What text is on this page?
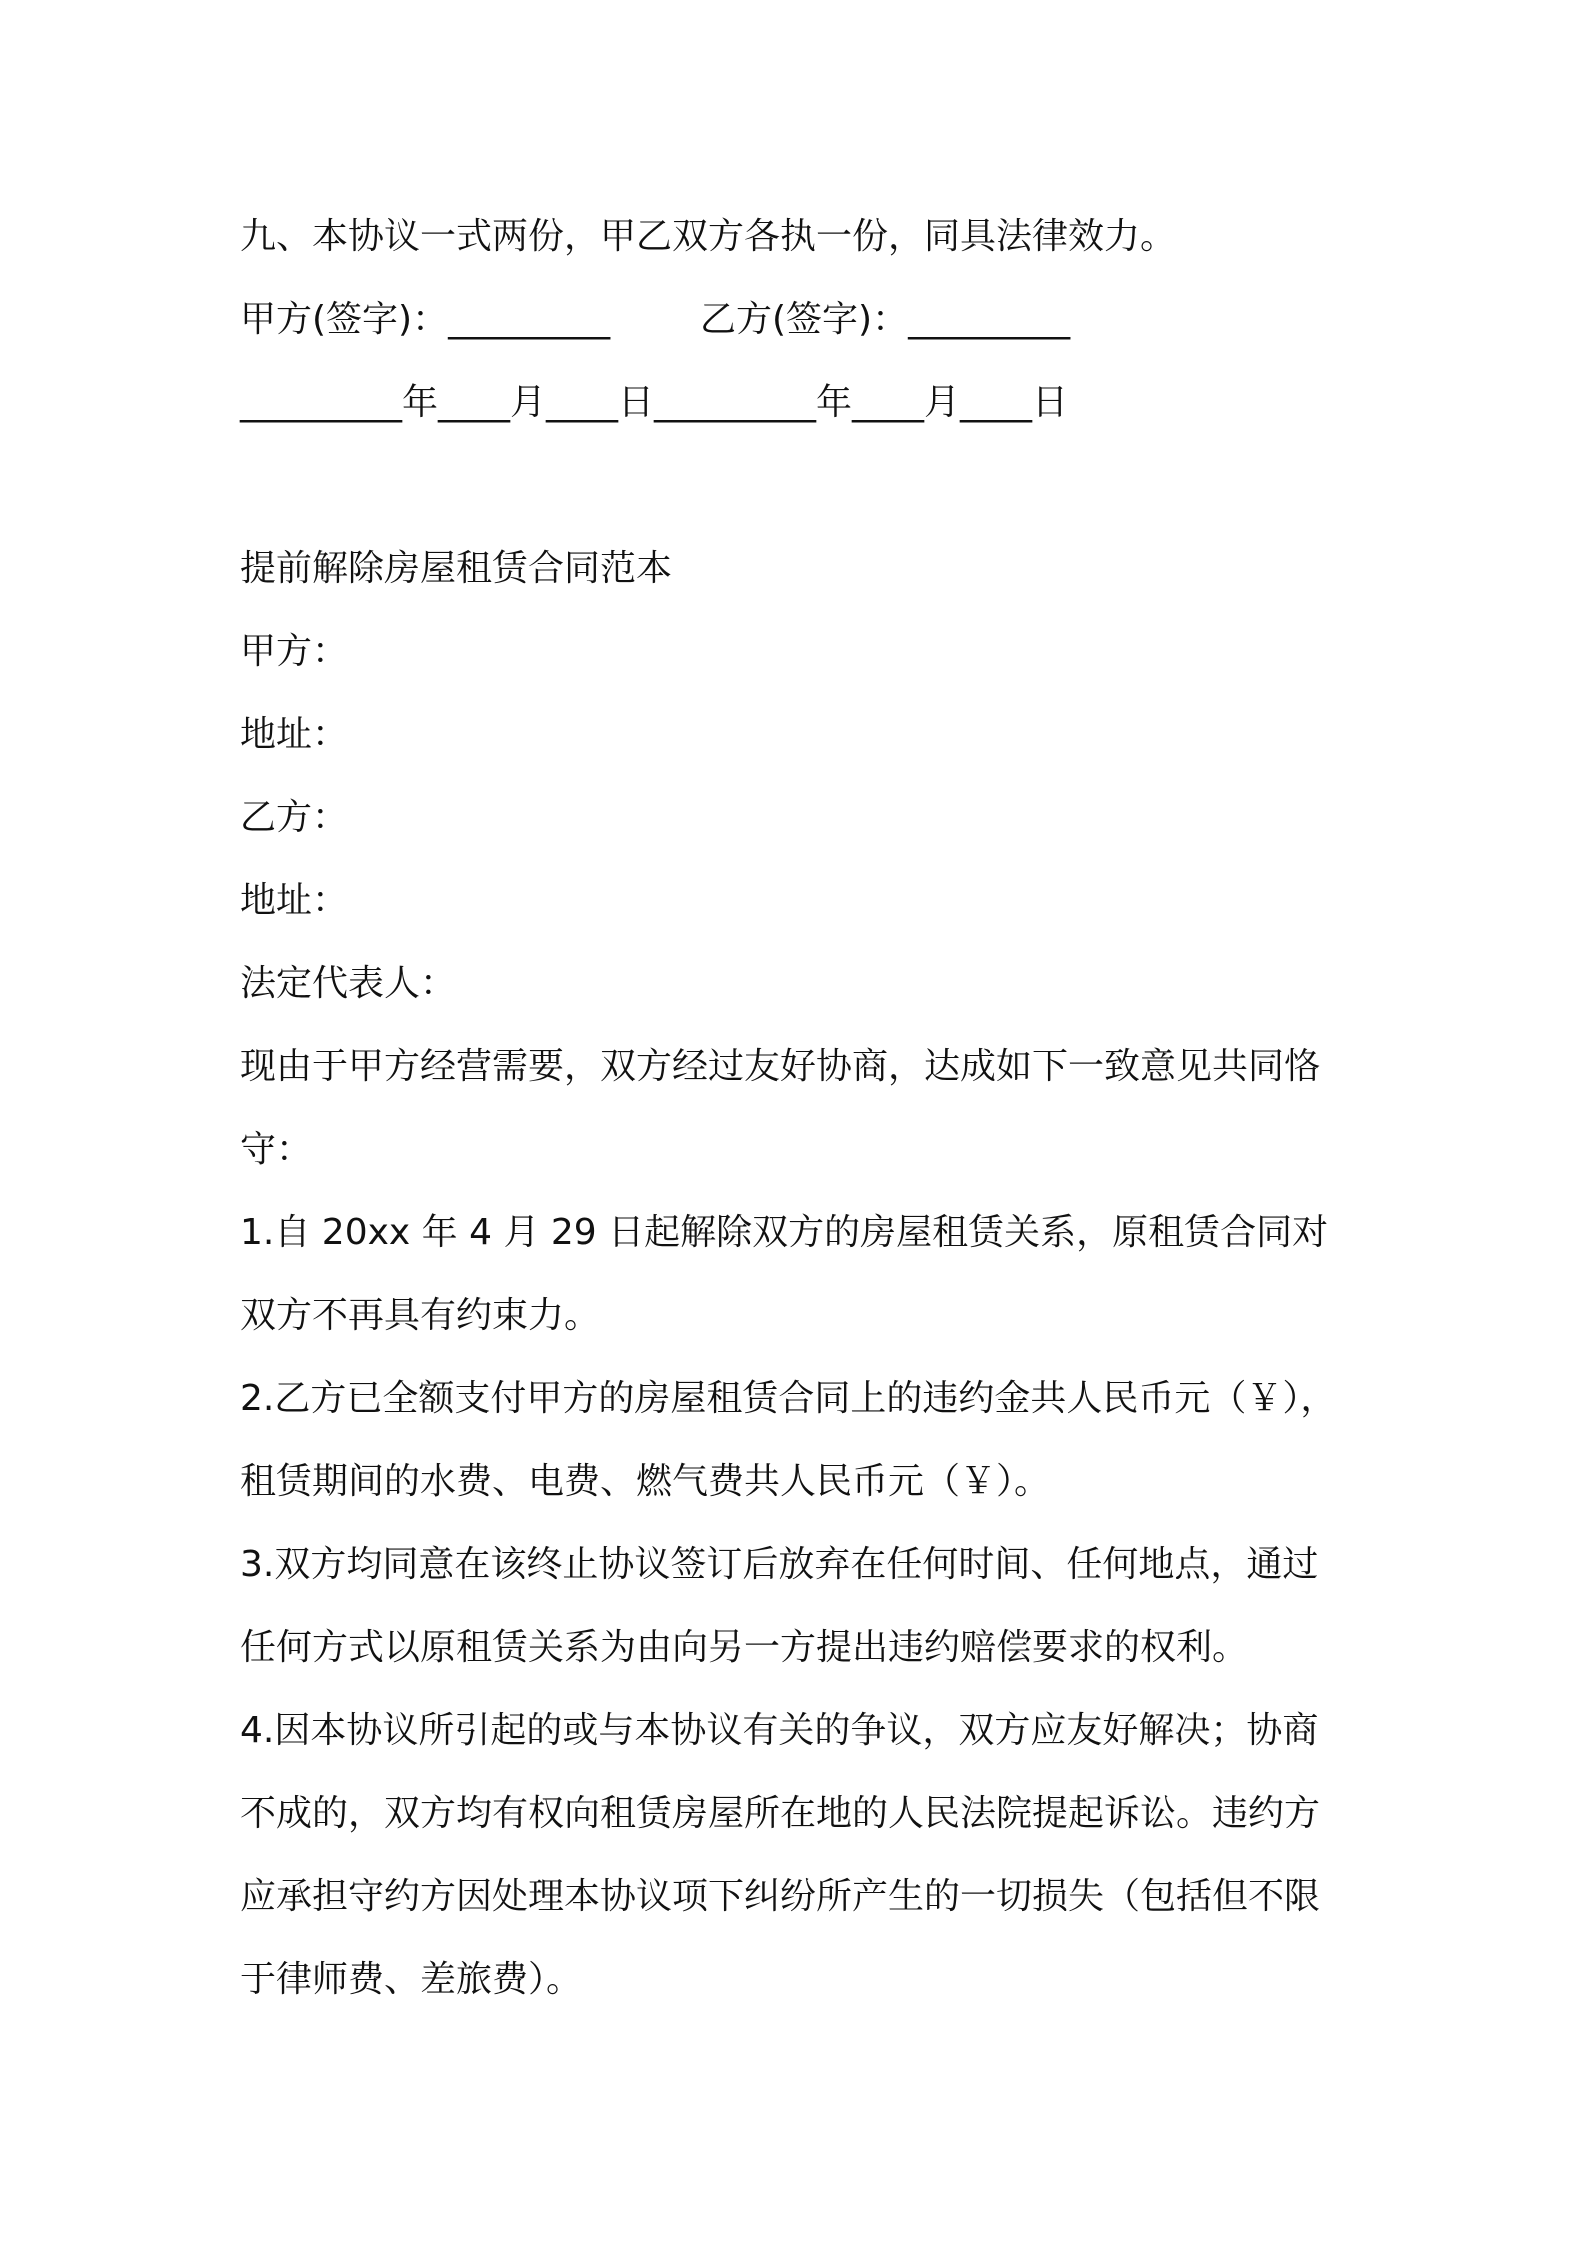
九、本协议一式两份，甲乙双方各执一份，同具法律效力。

甲方(签字)：_________ 乙方(签字)：_________

_________年____月____日_________年____月____日

提前解除房屋租赁合同范本

甲方：

地址：

乙方：

地址：

法定代表人：

现由于甲方经营需要，双方经过友好协商，达成如下一致意见共同恪

守：

1.自 20xx 年 4 月 29 日起解除双方的房屋租赁关系，原租赁合同对

双方不再具有约束力。

2.乙方已全额支付甲方的房屋租赁合同上的违约金共人民币元（￥），

租赁期间的水费、电费、燃气费共人民币元（￥）。

3.双方均同意在该终止协议签订后放弃在任何时间、任何地点，通过

任何方式以原租赁关系为由向另一方提出违约赔偿要求的权利。

4.因本协议所引起的或与本协议有关的争议，双方应友好解决；协商

不成的，双方均有权向租赁房屋所在地的人民法院提起诉讼。违约方

应承担守约方因处理本协议项下纠纷所产生的一切损失（包括但不限

于律师费、差旅费）。
